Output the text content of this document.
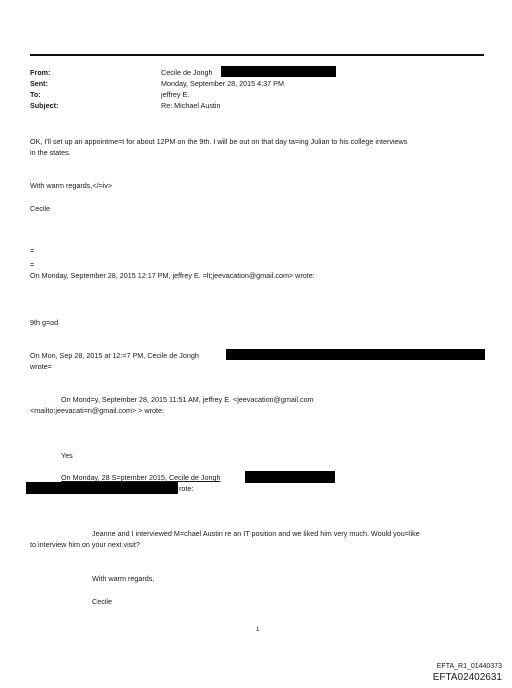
From:	Cecile de Jongh
Sent:	Monday, September 28, 2015 4:37 PM
To:	jeffrey E.
Subject:	Re: Michael Austin
OK, I'll set up an appointme=t for about 12PM on the 9th. I will be out on that day ta=ing Julian to his college interviews
in the states.
With warm regards,</=iv>
Cecile
=
=
On Monday, September 28, 2015 12:17 PM, jeffrey E. =lt;jeevacation@gmail.com> wrote:
9th g=od
On Mon, Sep 28, 2015 at 12:=7 PM, Cecile de Jongh
wrote=
On Mond=y, September 28, 2015 11:51 AM, jeffrey E. <jeevacation@gmail.com
<mailto:jeevacati=n@gmail.com> > wrote:
Yes
On Monday, 28 S=ptember 2015, Cecile de Jongh
rote:
Jeanne and I interviewed M=chael Austin re an IT position and we liked him very much. Would you=like
to interview him on your next visit?
With warm regards,
Cecile
1
EFTA_R1_01440373
EFTA02402631
